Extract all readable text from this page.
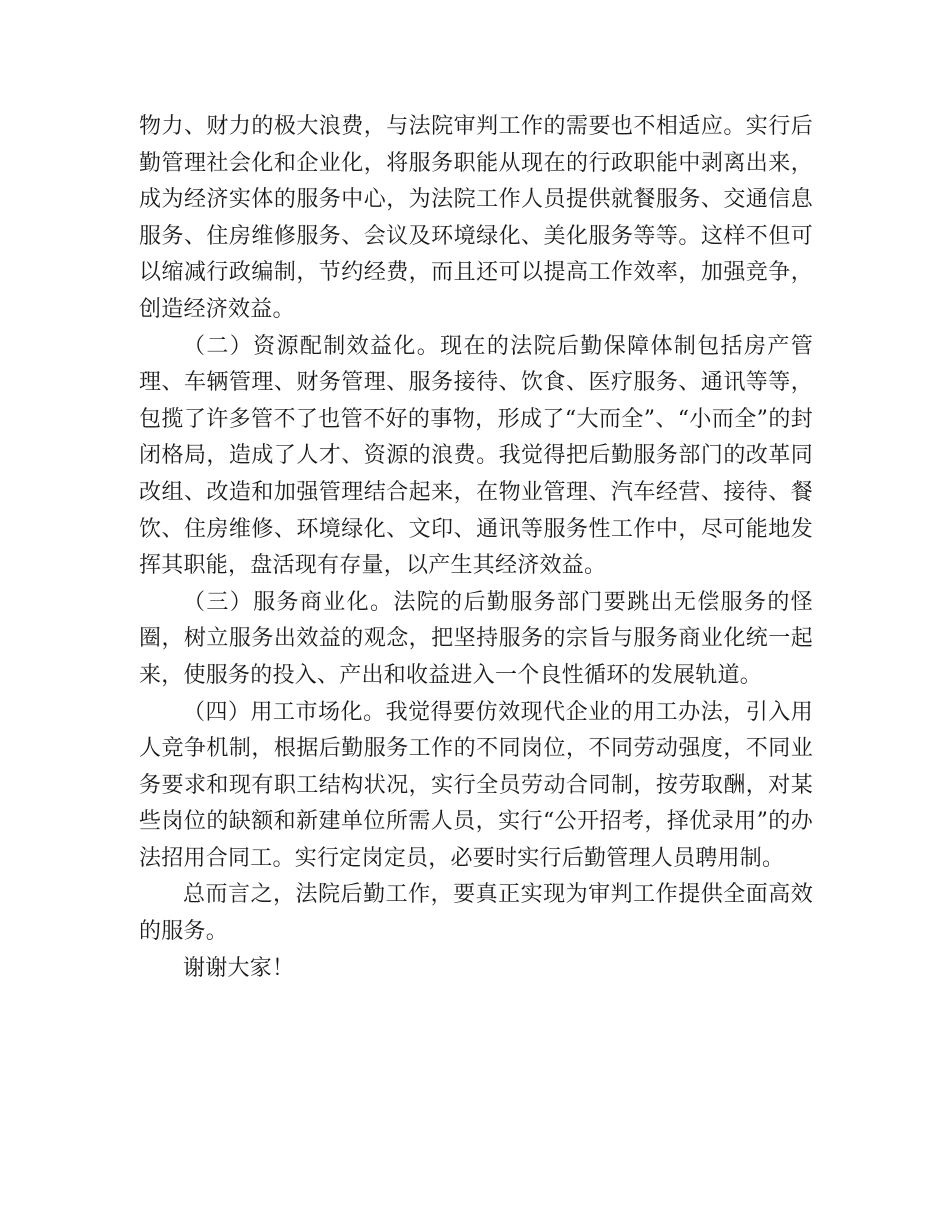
物力、财力的极大浪费，与法院审判工作的需要也不相适应。实行后勤管理社会化和企业化，将服务职能从现在的行政职能中剥离出来，成为经济实体的服务中心，为法院工作人员提供就餐服务、交通信息服务、住房维修服务、会议及环境绿化、美化服务等等。这样不但可以缩减行政编制，节约经费，而且还可以提高工作效率，加强竞争，创造经济效益。

（二）资源配制效益化。现在的法院后勤保障体制包括房产管理、车辆管理、财务管理、服务接待、饮食、医疗服务、通讯等等，包揽了许多管不了也管不好的事物，形成了“大而全”、“小而全”的封闭格局，造成了人才、资源的浪费。我觉得把后勤服务部门的改革同改组、改造和加强管理结合起来，在物业管理、汽车经营、接待、餐饮、住房维修、环境绿化、文印、通讯等服务性工作中，尽可能地发挥其职能，盘活现有存量，以产生其经济效益。

（三）服务商业化。法院的后勤服务部门要跳出无偿服务的怪圈，树立服务出效益的观念，把坚持服务的宗旨与服务商业化统一起来，使服务的投入、产出和收益进入一个良性循环的发展轨道。

（四）用工市场化。我觉得要仿效现代企业的用工办法，引入用人竞争机制，根据后勤服务工作的不同岗位，不同劳动强度，不同业务要求和现有职工结构状况，实行全员劳动合同制，按劳取酬，对某些岗位的缺额和新建单位所需人员，实行“公开招考，择优录用”的办法招用合同工。实行定岗定员，必要时实行后勤管理人员聘用制。

总而言之，法院后勤工作，要真正实现为审判工作提供全面高效的服务。

谢谢大家！
